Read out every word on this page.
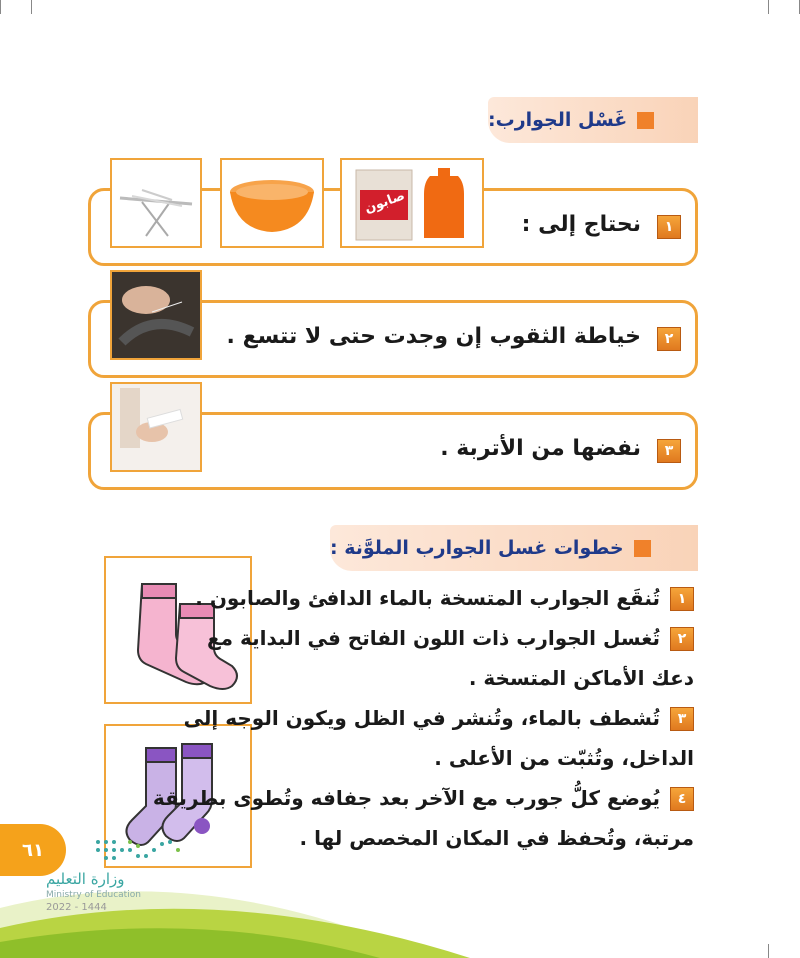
غَسْل الجوارب:
نحتاج إلى :	١
صابون
خياطة الثقوب إن وجدت حتى لا تتسع .	٢
نفضها من الأتربة .	٣
خطوات غسل الجوارب الملوَّنة :
١
تُنقَع الجوارب المتسخة بالماء الدافئ والصابون .
٢
تُغسل الجوارب ذات اللون الفاتح في البداية مع
دعك الأماكن المتسخة .
٣
تُشطف بالماء، وتُنشر في الظل ويكون الوجه إلى
الداخل، وتُثبّت من الأعلى .
٤
يُوضع كلُّ جورب مع الآخر بعد جفافه وتُطوى بطريقة
مرتبة، وتُحفظ في المكان المخصص لها .
٦١
وزارة التعليم
Ministry of Education
2022 - 1444
